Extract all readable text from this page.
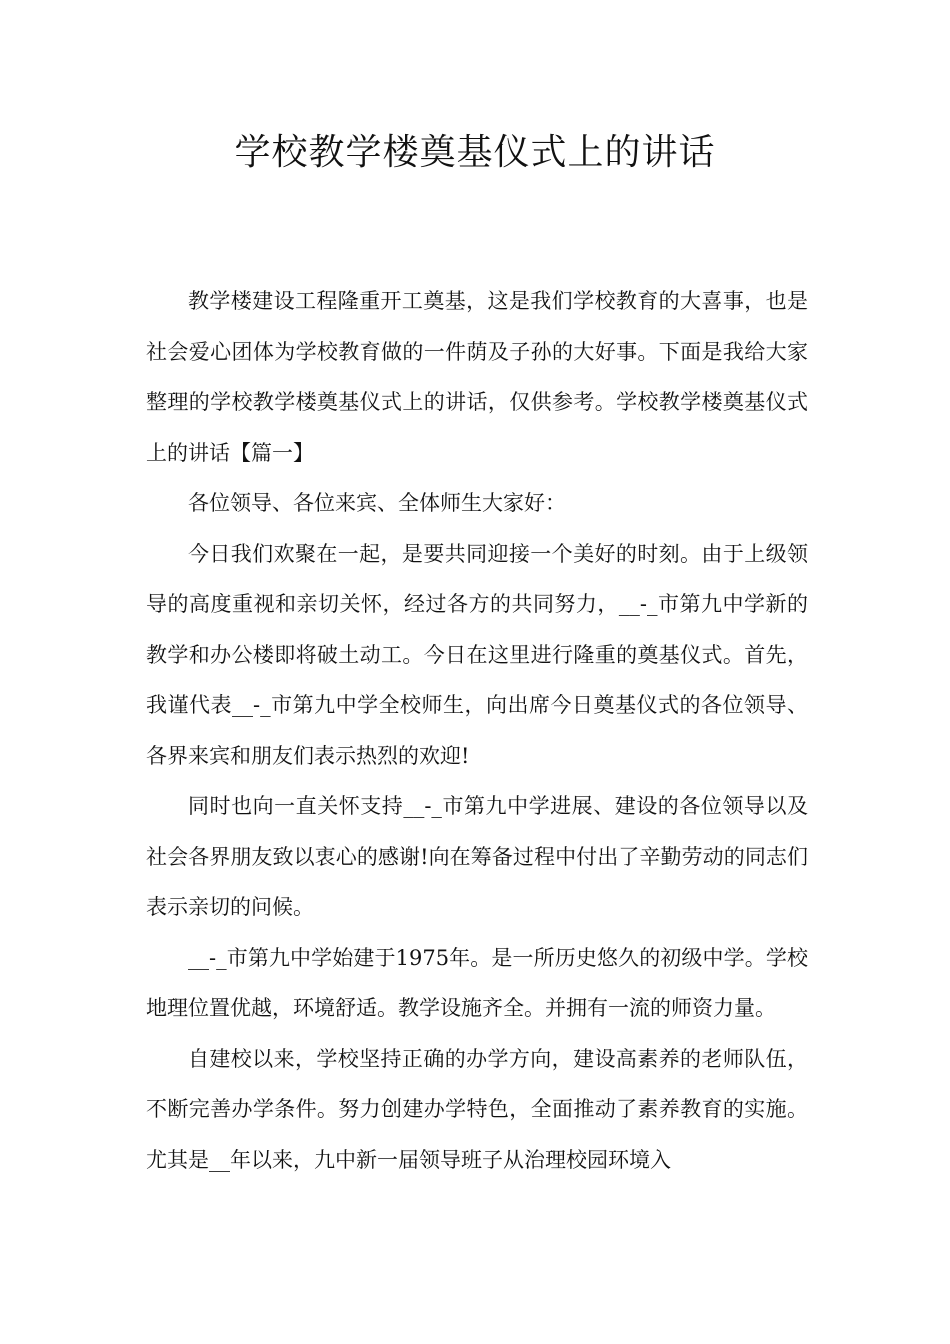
学校教学楼奠基仪式上的讲话

教学楼建设工程隆重开工奠基，这是我们学校教育的大喜事，也是社会爱心团体为学校教育做的一件荫及子孙的大好事。下面是我给大家整理的学校教学楼奠基仪式上的讲话，仅供参考。学校教学楼奠基仪式上的讲话【篇一】

各位领导、各位来宾、全体师生大家好：

今日我们欢聚在一起，是要共同迎接一个美好的时刻。由于上级领导的高度重视和亲切关怀，经过各方的共同努力，__-_市第九中学新的教学和办公楼即将破土动工。今日在这里进行隆重的奠基仪式。首先，我谨代表__-_市第九中学全校师生，向出席今日奠基仪式的各位领导、各界来宾和朋友们表示热烈的欢迎!

同时也向一直关怀支持__-_市第九中学进展、建设的各位领导以及社会各界朋友致以衷心的感谢!向在筹备过程中付出了辛勤劳动的同志们表示亲切的问候。

__-_市第九中学始建于1975年。是一所历史悠久的初级中学。学校地理位置优越，环境舒适。教学设施齐全。并拥有一流的师资力量。

自建校以来，学校坚持正确的办学方向，建设高素养的老师队伍，不断完善办学条件。努力创建办学特色，全面推动了素养教育的实施。尤其是__年以来，九中新一届领导班子从治理校园环境入
